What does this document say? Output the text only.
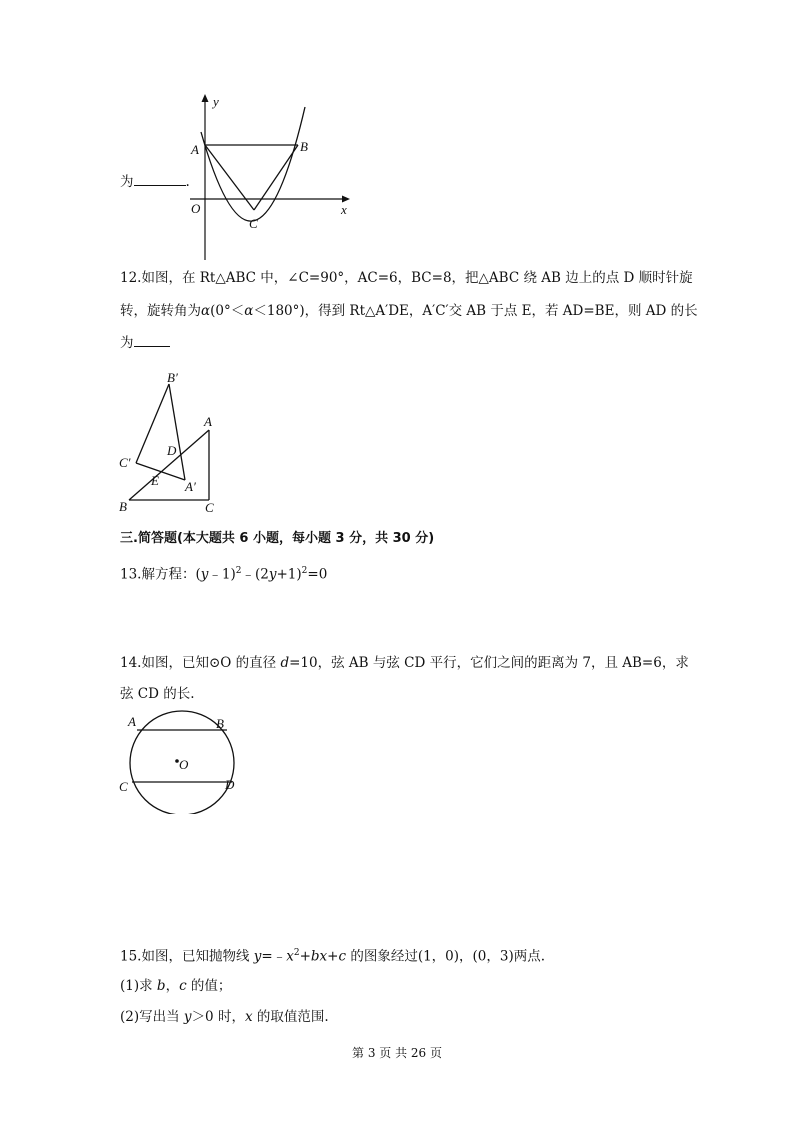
y
x
O
A	B
C
为	.
12.如图，在 Rt△ABC 中，∠C=90°，AC=6，BC=8，把△ABC 绕 AB 边上的点 D 顺时针旋
转，旋转角为α(0°＜α＜180°)，得到 Rt△A′DE，A′C′交 AB 于点 E，若 AD=BE，则 AD 的长
为
B′
A
D
C′
E A′
B	C
三.简答题(本大题共 6 小题，每小题 3 分，共 30 分)
13.解方程：$(y﹣1)^2﹣(2y+1)^2=0$
14.如图，已知⊙O 的直径 d=10，弦 AB 与弦 CD 平行，它们之间的距离为 7，且 AB=6，求
弦 CD 的长.
A	B
O
C	D
15.如图，已知抛物线 $y=﹣x^2+bx+c$ 的图象经过(1，0)，(0，3)两点.
(1)求 b，c 的值；
(2)写出当 y＞0 时，x 的取值范围.
第 3 页 共 26 页
